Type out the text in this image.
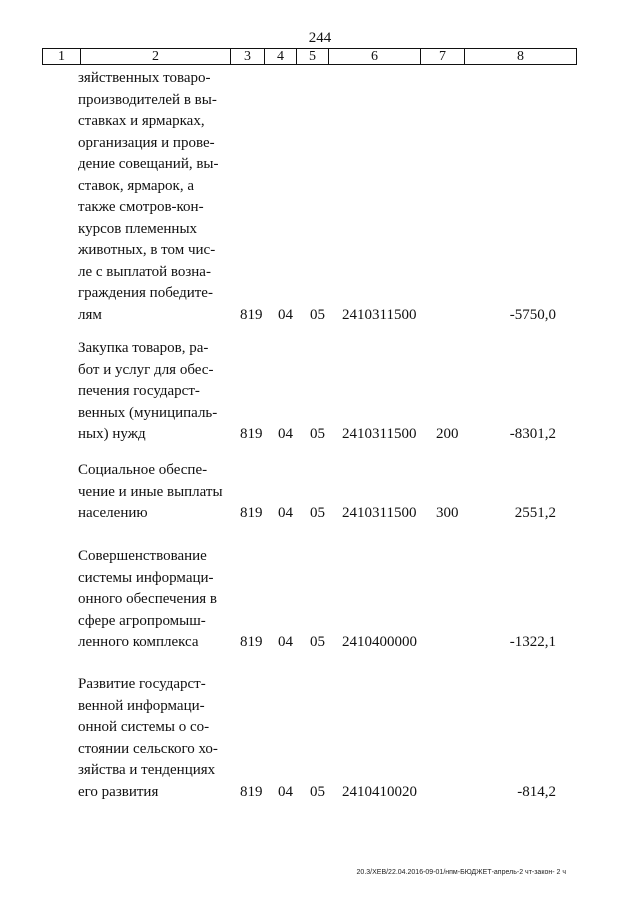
244
1	2	3	4	5	6	7	8
зяйственных товаро-
производителей в вы-
ставках и ярмарках,
организация и прове-
дение совещаний, вы-
ставок, ярмарок, а
также смотров-кон-
курсов племенных
животных, в том чис-
ле с выплатой возна-
граждения победите-
лям	819 04 05 2410311500	-5750,0
Закупка товаров, ра-
бот и услуг для обес-
печения государст-
венных (муниципаль-
ных) нужд	819 04 05 2410311500 200	-8301,2
Социальное обеспе-
чение и иные выплаты
населению	819 04 05 2410311500 300	2551,2
Совершенствование
системы информаци-
онного обеспечения в
сфере агропромыш-
ленного комплекса	819 04 05 2410400000	-1322,1
Развитие государст-
венной информаци-
онной системы о со-
стоянии сельского хо-
зяйства и тенденциях
его развития	819 04 05 2410410020	-814,2
20.3/ХЕВ/22.04.2016-09-01/нпм-БЮДЖЕТ-апрель-2 чт-закон- 2 ч
